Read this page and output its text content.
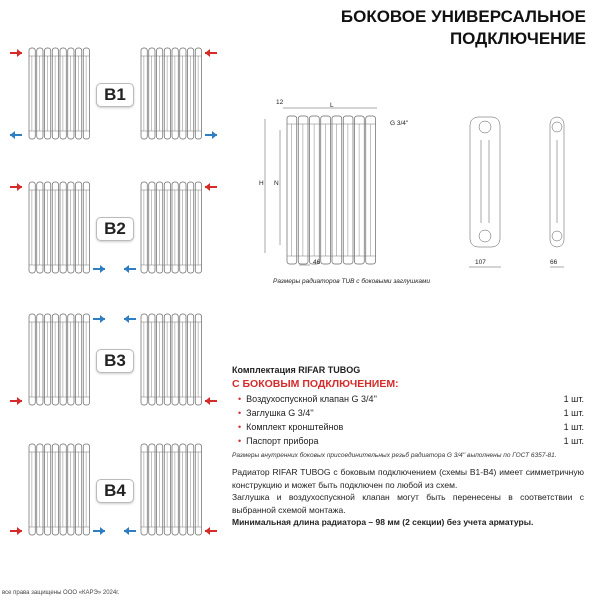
БОКОВОЕ УНИВЕРСАЛЬНОЕ
ПОДКЛЮЧЕНИЕ
B1
B2
B3
B4
12	L
G 3/4''
H N
46	107	66
Размеры радиаторов TUB с боковыми заглушками
Комплектация RIFAR TUBOG
С БОКОВЫМ ПОДКЛЮЧЕНИЕМ:
• Воздухоспускной клапан G 3/4''	1 шт.
• Заглушка G 3/4''	1 шт.
• Комплект кронштейнов	1 шт.
• Паспорт прибора	1 шт.
Размеры внутренних боковых присоединительных резьб радиатора G 3/4'' выполнены по ГОСТ 6357-81.
Радиатор RIFAR TUBOG с боковым подключением (схемы B1-B4) имеет симметричную конструкцию и может быть подключен по любой из схем.
Заглушка и воздухоспускной клапан могут быть перенесены в соответствии с выбранной схемой монтажа.
Минимальная длина радиатора – 98 мм (2 секции) без учета арматуры.
все права защищены ООО «КАРЭ» 2024г.
